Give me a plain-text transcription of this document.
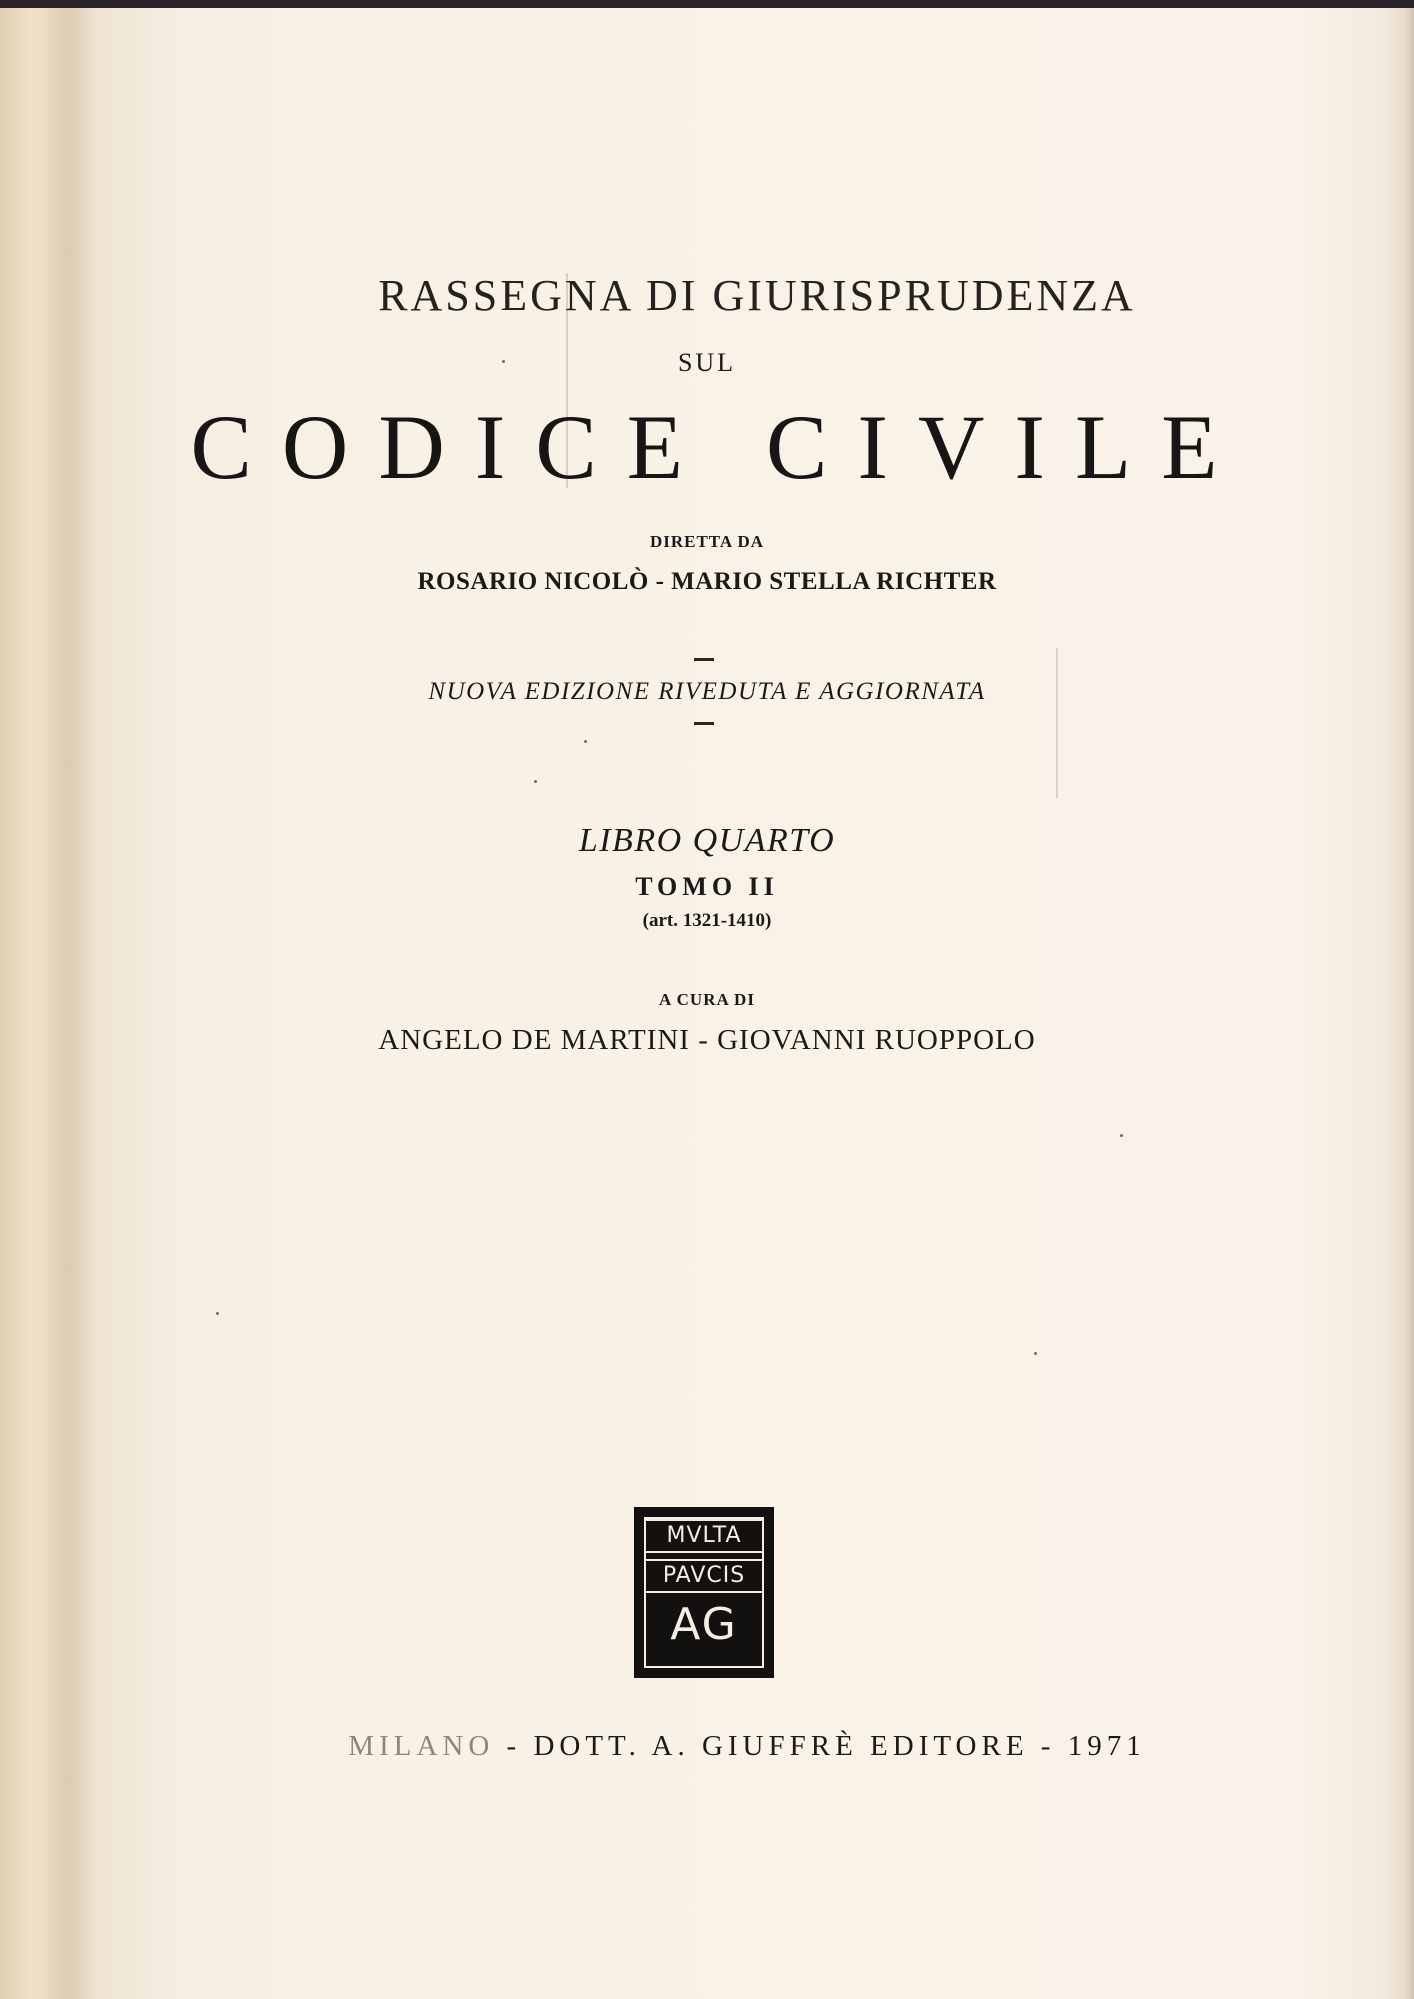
RASSEGNA DI GIURISPRUDENZA
SUL
CODICE CIVILE
DIRETTA DA
ROSARIO NICOLÒ - MARIO STELLA RICHTER
NUOVA EDIZIONE RIVEDUTA E AGGIORNATA
LIBRO QUARTO
TOMO II
(art. 1321-1410)
A CURA DI
ANGELO DE MARTINI - GIOVANNI RUOPPOLO
MVLTA
PAVCIS
AG
MILANO - DOTT. A. GIUFFRÈ EDITORE - 1971
